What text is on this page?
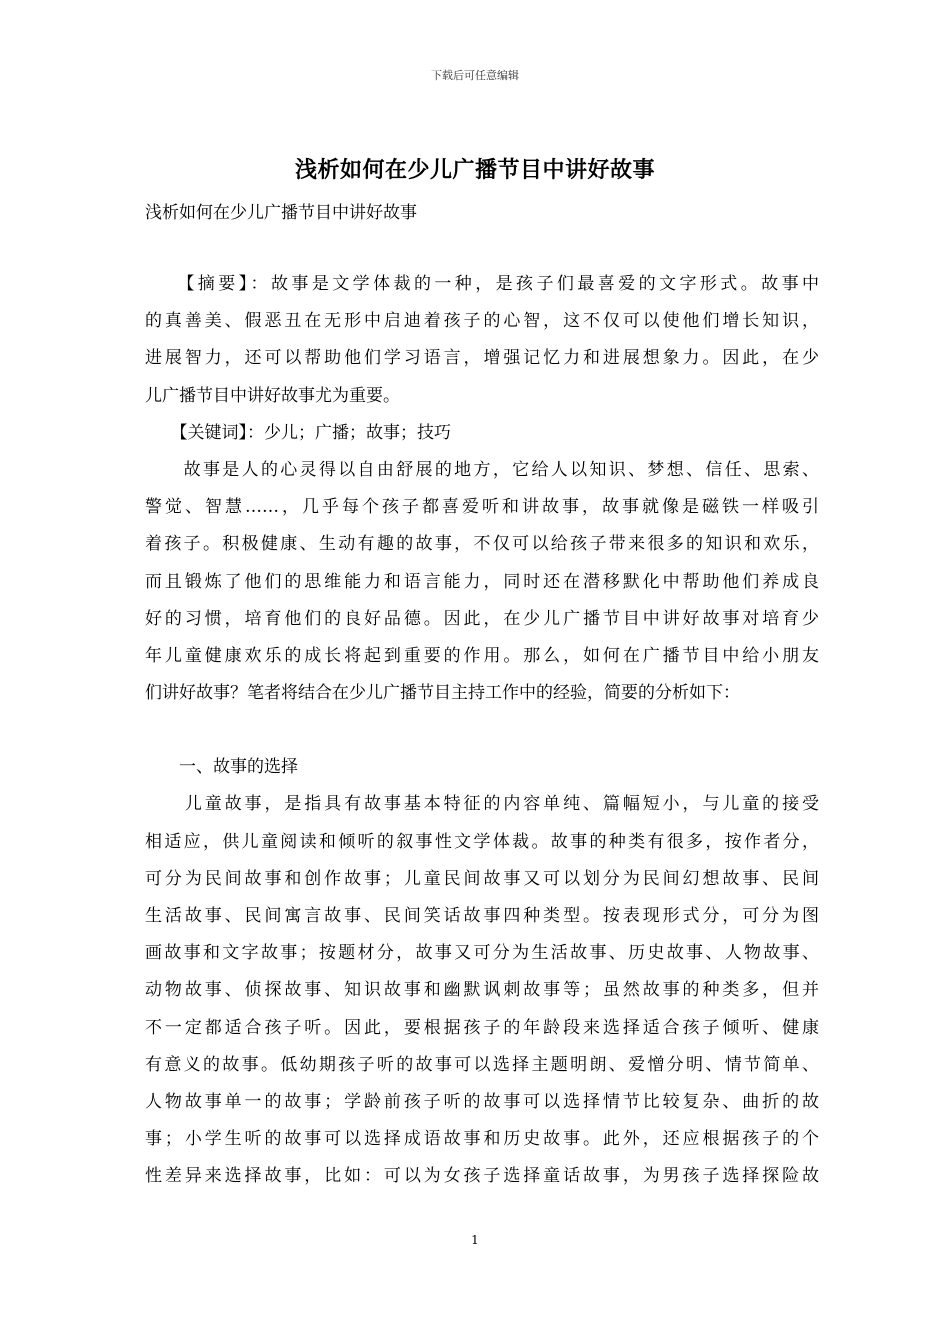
下载后可任意编辑
浅析如何在少儿广播节目中讲好故事
浅析如何在少儿广播节目中讲好故事
　　【摘要】：故事是文学体裁的一种，是孩子们最喜爱的文字形式。故事中
的真善美、假恶丑在无形中启迪着孩子的心智，这不仅可以使他们增长知识，
进展智力，还可以帮助他们学习语言，增强记忆力和进展想象力。因此，在少
儿广播节目中讲好故事尤为重要。
　　【关键词】：少儿；广播；故事；技巧
　　故事是人的心灵得以自由舒展的地方，它给人以知识、梦想、信任、思索、
警觉、智慧……，几乎每个孩子都喜爱听和讲故事，故事就像是磁铁一样吸引
着孩子。积极健康、生动有趣的故事，不仅可以给孩子带来很多的知识和欢乐，
而且锻炼了他们的思维能力和语言能力，同时还在潜移默化中帮助他们养成良
好的习惯，培育他们的良好品德。因此，在少儿广播节目中讲好故事对培育少
年儿童健康欢乐的成长将起到重要的作用。那么，如何在广播节目中给小朋友
们讲好故事？笔者将结合在少儿广播节目主持工作中的经验，简要的分析如下：
　　一、故事的选择
　　儿童故事，是指具有故事基本特征的内容单纯、篇幅短小，与儿童的接受
相适应，供儿童阅读和倾听的叙事性文学体裁。故事的种类有很多，按作者分，
可分为民间故事和创作故事；儿童民间故事又可以划分为民间幻想故事、民间
生活故事、民间寓言故事、民间笑话故事四种类型。按表现形式分，可分为图
画故事和文字故事；按题材分，故事又可分为生活故事、历史故事、人物故事、
动物故事、侦探故事、知识故事和幽默讽刺故事等；虽然故事的种类多，但并
不一定都适合孩子听。因此，要根据孩子的年龄段来选择适合孩子倾听、健康
有意义的故事。低幼期孩子听的故事可以选择主题明朗、爱憎分明、情节简单、
人物故事单一的故事；学龄前孩子听的故事可以选择情节比较复杂、曲折的故
事；小学生听的故事可以选择成语故事和历史故事。此外，还应根据孩子的个
性差异来选择故事，比如：可以为女孩子选择童话故事，为男孩子选择探险故
1
